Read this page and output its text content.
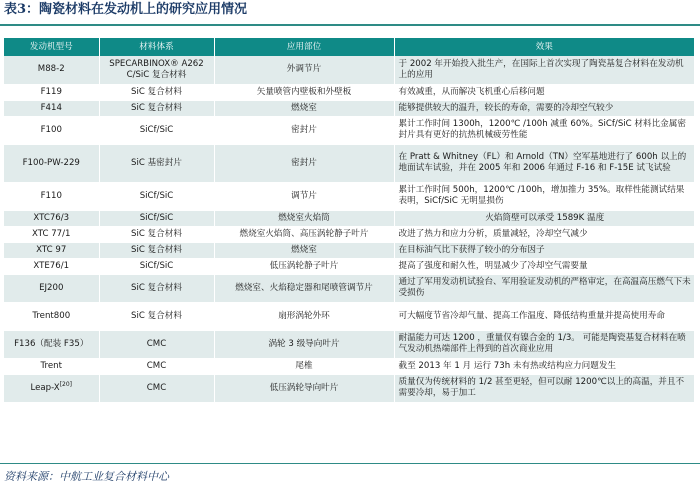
表3：陶瓷材料在发动机上的研究应用情况
发动机型号	材料体系	应用部位	效果
M88-2	SPECARBINOX® A262 C/SiC 复合材料	外调节片	于 2002 年开始投入批生产，在国际上首次实现了陶瓷基复合材料在发动机上的应用
F119	SiC 复合材料	矢量喷管内壁板和外壁板	有效减重，从而解决飞机重心后移问题
F414	SiC 复合材料	燃烧室	能够提供较大的温升，较长的寿命，需要的冷却空气较少
F100	SiCf/SiC	密封片	累计工作时间 1300h，1200℃ /100h 减重 60%。SiCf/SiC 材料比金属密封片具有更好的抗热机械疲劳性能
F100-PW-229	SiC 基密封片	密封片	在 Pratt & Whitney（FL）和 Arnold（TN）空军基地进行了 600h 以上的地面试车试验，并在 2005 年和 2006 年通过 F-16 和 F-15E 试飞试验
F110	SiCf/SiC	调节片	累计工作时间 500h，1200℃ /100h，增加推力 35%。取样性能测试结果表明，SiCf/SiC 无明显损伤
XTC76/3	SiCf/SiC	燃烧室火焰筒	火焰筒壁可以承受 1589K 温度
XTC 77/1	SiC 复合材料	燃烧室火焰筒、高压涡轮静子叶片	改进了热力和应力分析，质量减轻，冷却空气减少
XTC 97	SiC 复合材料	燃烧室	在目标油气比下获得了较小的分布因子
XTE76/1	SiCf/SiC	低压涡轮静子叶片	提高了强度和耐久性，明显减少了冷却空气需要量
EJ200	SiC 复合材料	燃烧室、火焰稳定器和尾喷管调节片	通过了军用发动机试验台、军用验证发动机的严格审定，在高温高压燃气下未受损伤
Trent800	SiC 复合材料	扇形涡轮外环	可大幅度节省冷却气量、提高工作温度、降低结构重量并提高使用寿命
F136（配装 F35）	CMC	涡轮 3 级导向叶片	耐温能力可达 1200 ，重量仅有镍合金的 1/3。 可能是陶瓷基复合材料在喷气发动机热端部件上得到的首次商业应用
Trent	CMC	尾椎	截至 2013 年 1 月 运行 73h 未有热或结构应力问题发生
Leap-X[20]	CMC	低压涡轮导向叶片	质量仅为传统材料的 1/2 甚至更轻，但可以耐 1200℃以上的高温，并且不需要冷却，易于加工
资料来源：中航工业复合材料中心
